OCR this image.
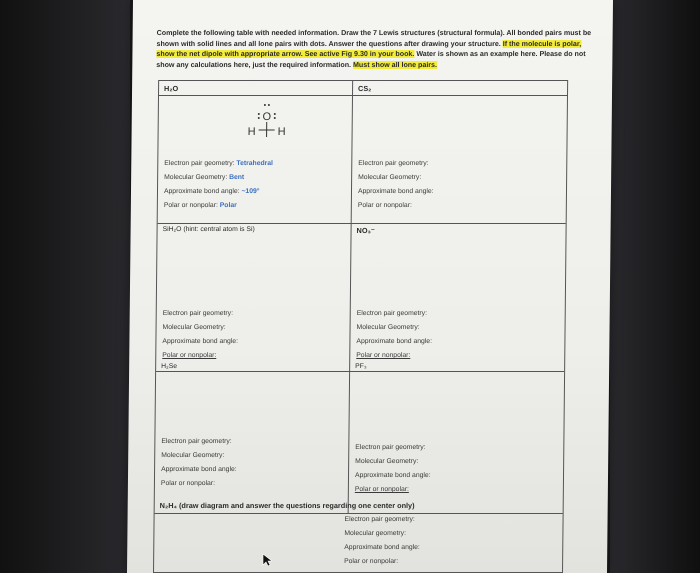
Complete the following table with needed information. Draw the 7 Lewis structures (structural formula). All bonded pairs must be shown with solid lines and all lone pairs with dots. Answer the questions after drawing your structure. If the molecule is polar, show the net dipole with appropriate arrow. See active Fig 9.30 in your book. Water is shown as an example here. Please do not show any calculations here, just the required information. Must show all lone pairs.
H₂O
O
H H
Electron pair geometry: Tetrahedral
Molecular Geometry: Bent
Approximate bond angle: ~109°
Polar or nonpolar: Polar
CS₂
Electron pair geometry:
Molecular Geometry:
Approximate bond angle:
Polar or nonpolar:
SiH₂O (hint: central atom is Si)
Electron pair geometry:
Molecular Geometry:
Approximate bond angle:
Polar or nonpolar:
NO₃⁻
Electron pair geometry:
Molecular Geometry:
Approximate bond angle:
Polar or nonpolar:
H₂Se
Electron pair geometry:
Molecular Geometry:
Approximate bond angle:
Polar or nonpolar:
PF₃
Electron pair geometry:
Molecular Geometry:
Approximate bond angle:
Polar or nonpolar:
N₂H₄ (draw diagram and answer the questions regarding one center only)
Electron pair geometry:
Molecular geometry:
Approximate bond angle:
Polar or nonpolar:
